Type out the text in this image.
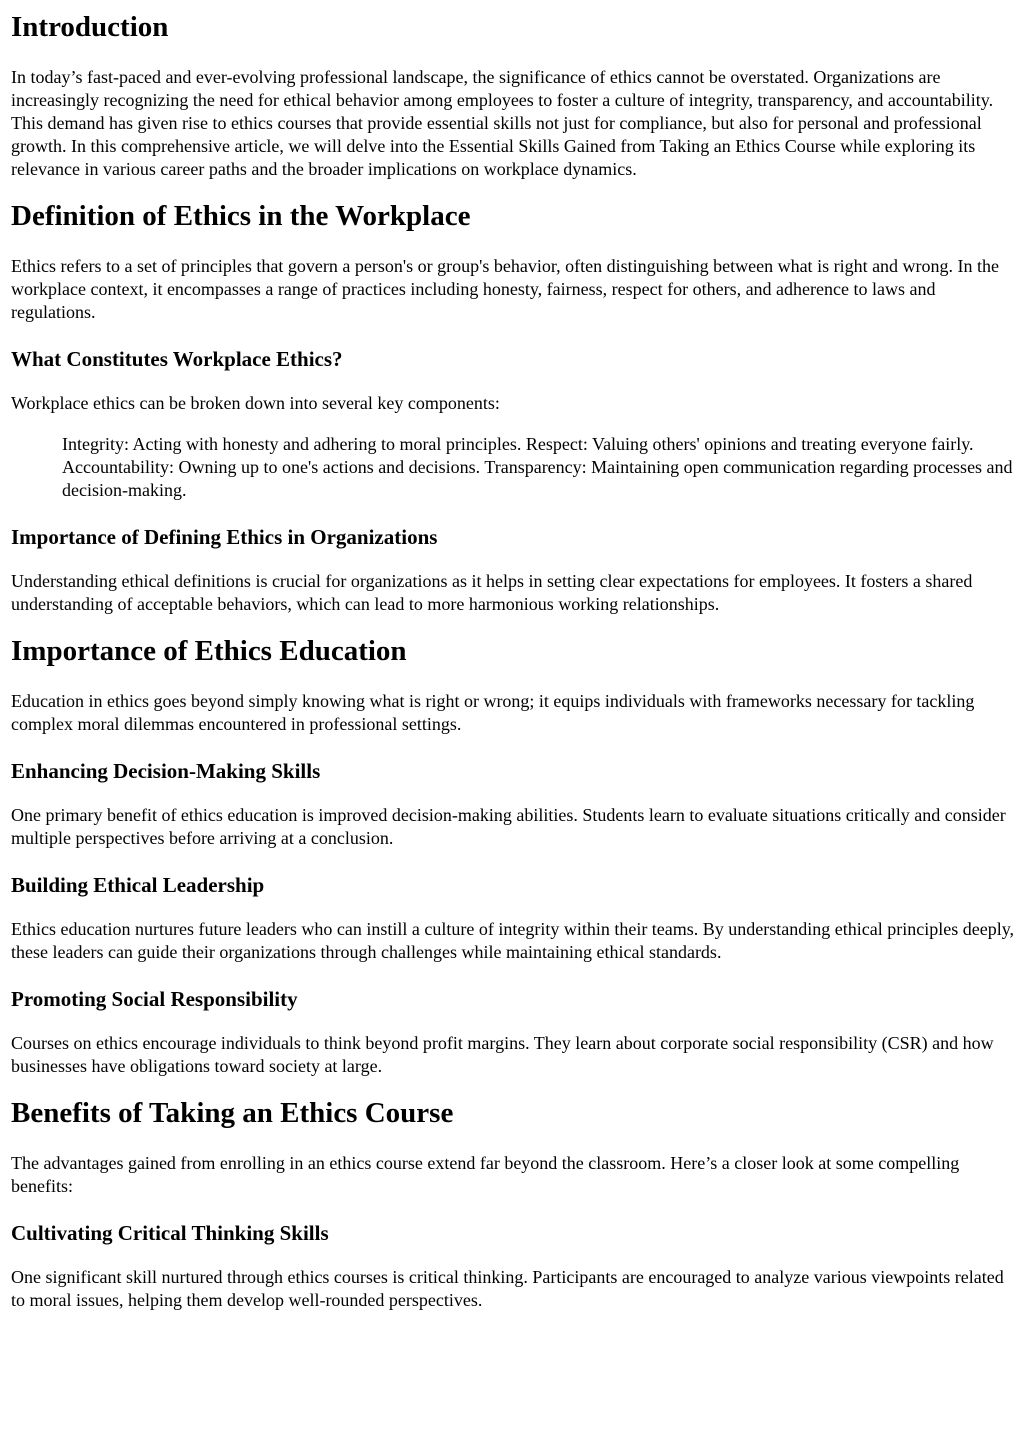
Introduction

In today’s fast-paced and ever-evolving professional landscape, the significance of ethics cannot be overstated. Organizations are increasingly recognizing the need for ethical behavior among employees to foster a culture of integrity, transparency, and accountability. This demand has given rise to ethics courses that provide essential skills not just for compliance, but also for personal and professional growth. In this comprehensive article, we will delve into the Essential Skills Gained from Taking an Ethics Course while exploring its relevance in various career paths and the broader implications on workplace dynamics.

Definition of Ethics in the Workplace

Ethics refers to a set of principles that govern a person's or group's behavior, often distinguishing between what is right and wrong. In the workplace context, it encompasses a range of practices including honesty, fairness, respect for others, and adherence to laws and regulations.

What Constitutes Workplace Ethics?

Workplace ethics can be broken down into several key components:

Integrity: Acting with honesty and adhering to moral principles. Respect: Valuing others' opinions and treating everyone fairly. Accountability: Owning up to one's actions and decisions. Transparency: Maintaining open communication regarding processes and decision-making.

Importance of Defining Ethics in Organizations

Understanding ethical definitions is crucial for organizations as it helps in setting clear expectations for employees. It fosters a shared understanding of acceptable behaviors, which can lead to more harmonious working relationships.

Importance of Ethics Education

Education in ethics goes beyond simply knowing what is right or wrong; it equips individuals with frameworks necessary for tackling complex moral dilemmas encountered in professional settings.

Enhancing Decision-Making Skills

One primary benefit of ethics education is improved decision-making abilities. Students learn to evaluate situations critically and consider multiple perspectives before arriving at a conclusion.

Building Ethical Leadership

Ethics education nurtures future leaders who can instill a culture of integrity within their teams. By understanding ethical principles deeply, these leaders can guide their organizations through challenges while maintaining ethical standards.

Promoting Social Responsibility

Courses on ethics encourage individuals to think beyond profit margins. They learn about corporate social responsibility (CSR) and how businesses have obligations toward society at large.

Benefits of Taking an Ethics Course

The advantages gained from enrolling in an ethics course extend far beyond the classroom. Here’s a closer look at some compelling benefits:

Cultivating Critical Thinking Skills

One significant skill nurtured through ethics courses is critical thinking. Participants are encouraged to analyze various viewpoints related to moral issues, helping them develop well-rounded perspectives.
